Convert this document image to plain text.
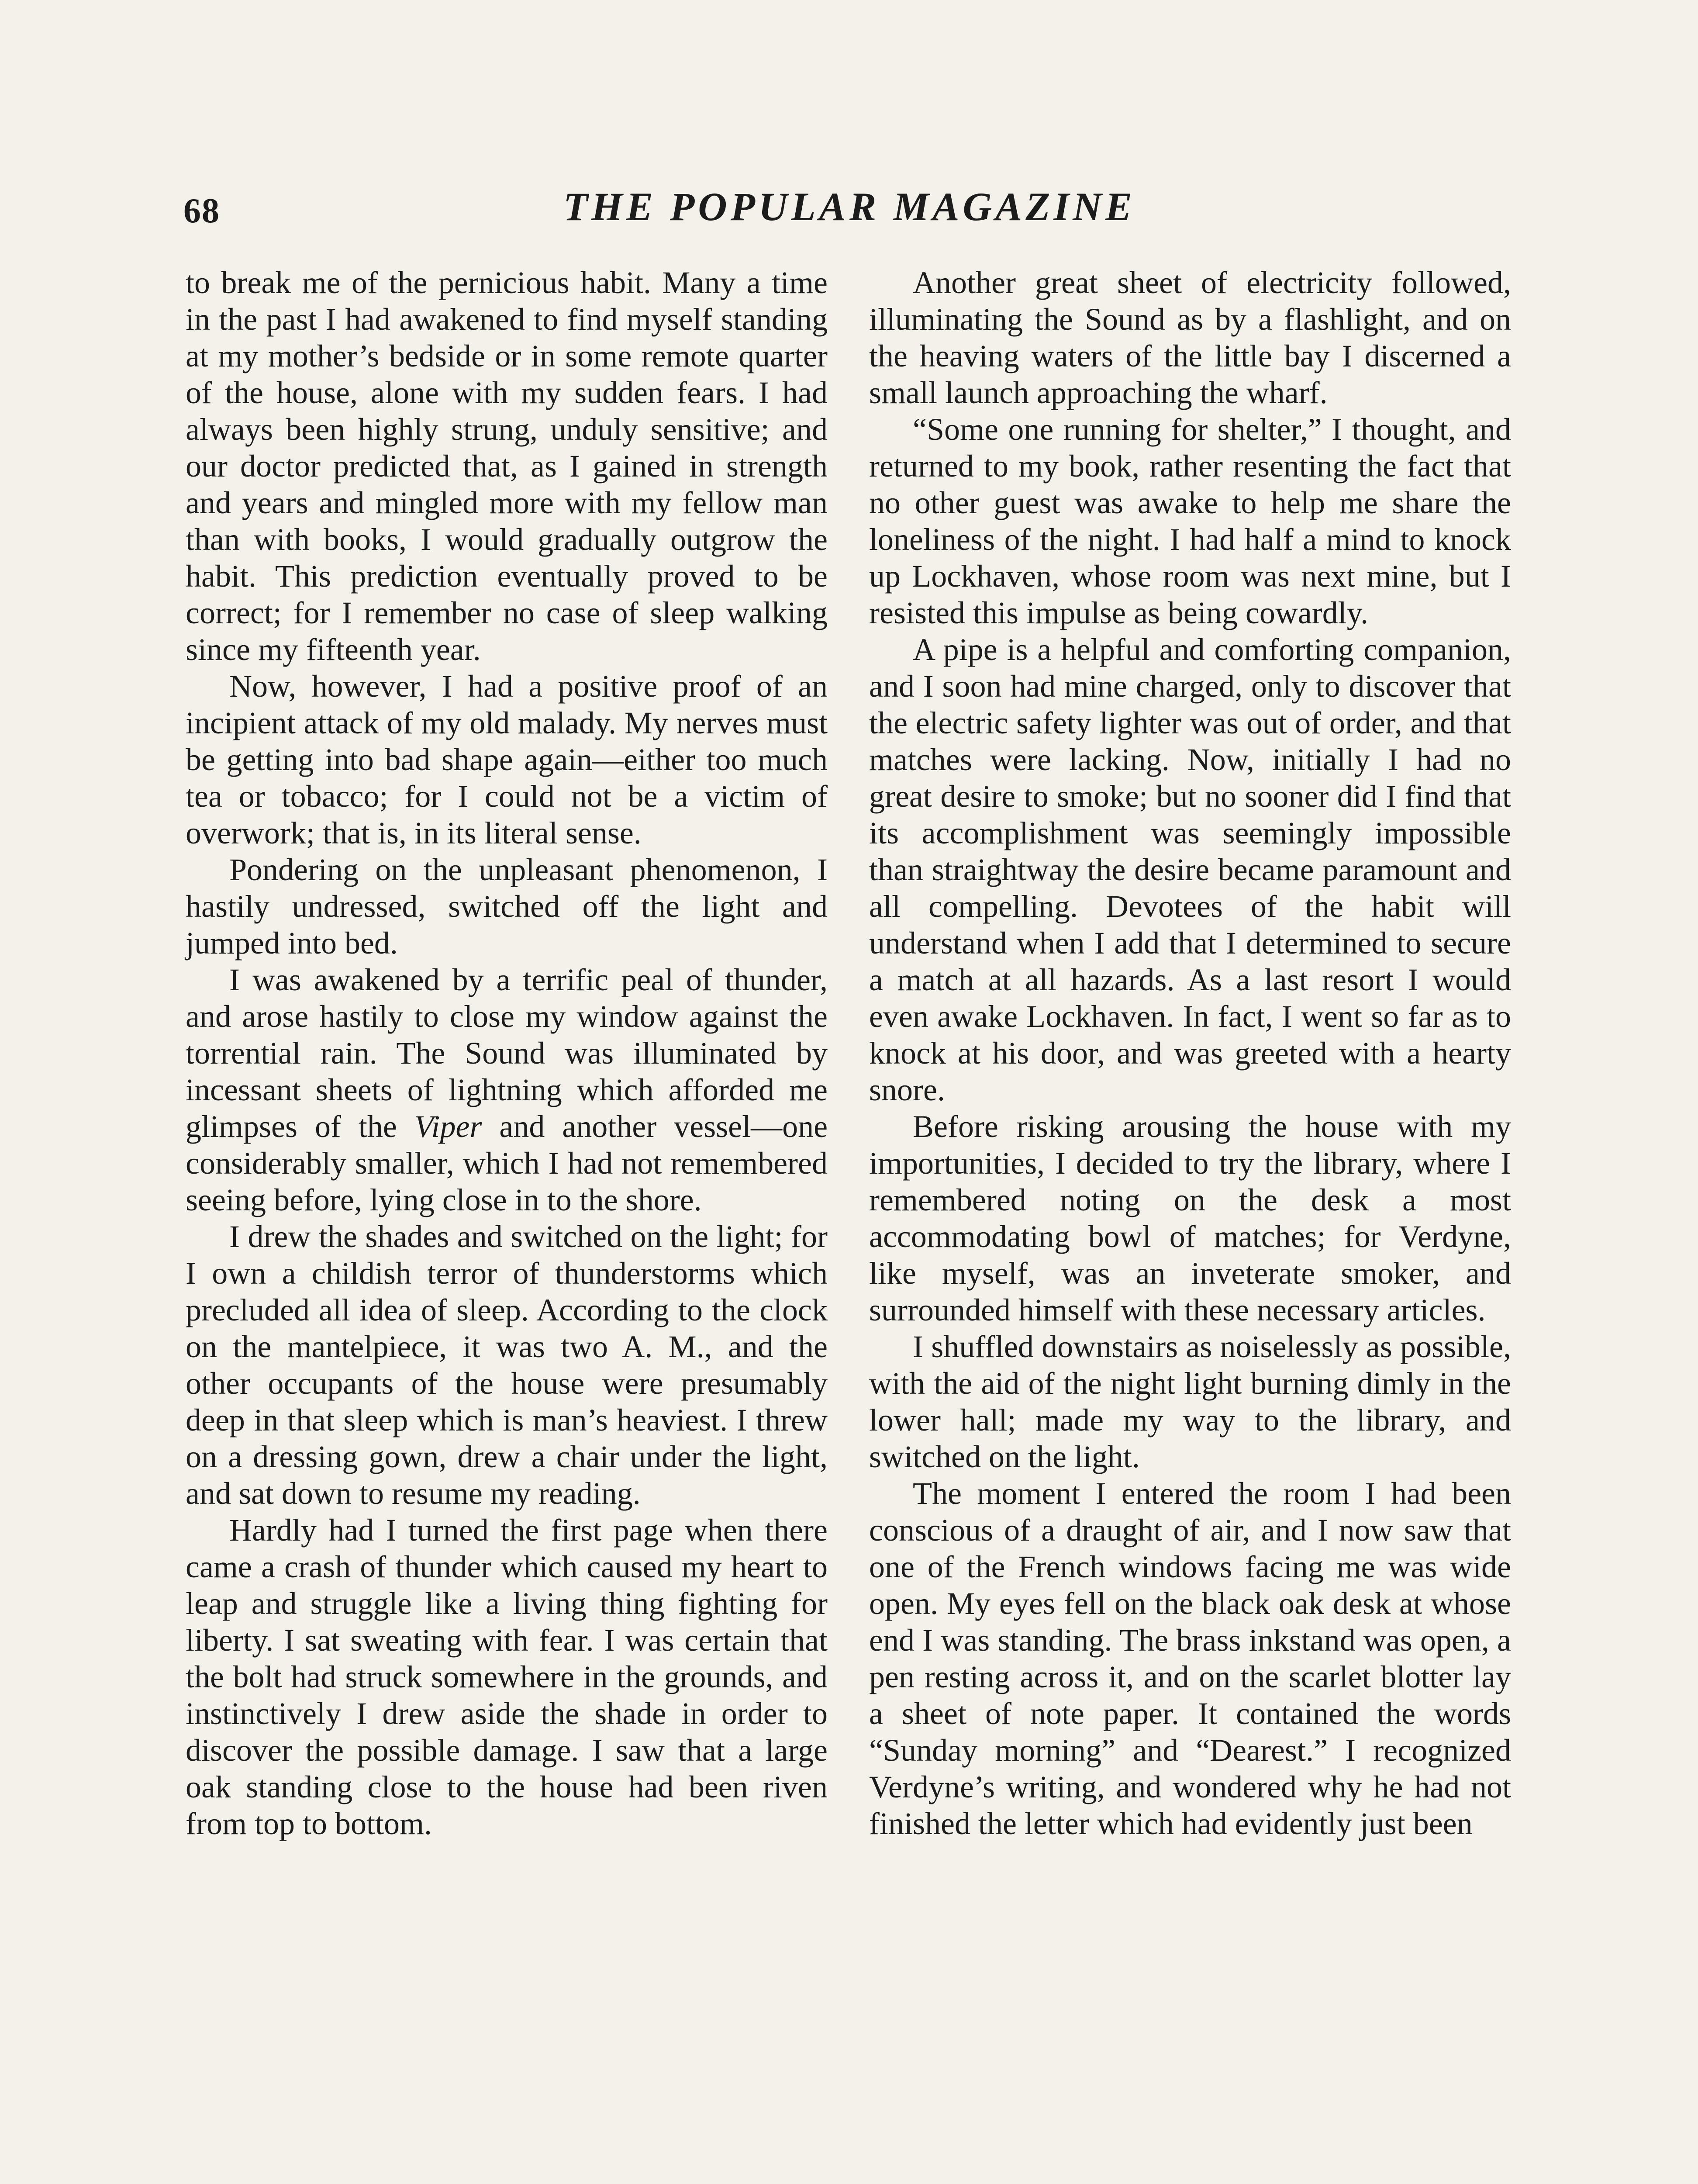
68	THE POPULAR MAGAZINE

to break me of the pernicious habit. Many a time in the past I had awakened to find myself standing at my mother’s bedside or in some remote quarter of the house, alone with my sudden fears. I had always been highly strung, unduly sensitive; and our doctor predicted that, as I gained in strength and years and mingled more with my fellow man than with books, I would gradually outgrow the habit. This prediction eventually proved to be correct; for I remember no case of sleep walking since my fifteenth year.

Now, however, I had a positive proof of an incipient attack of my old malady. My nerves must be getting into bad shape again—either too much tea or tobacco; for I could not be a victim of overwork; that is, in its literal sense.

Pondering on the unpleasant phenomenon, I hastily undressed, switched off the light and jumped into bed.

I was awakened by a terrific peal of thunder, and arose hastily to close my window against the torrential rain. The Sound was illuminated by incessant sheets of lightning which afforded me glimpses of the Viper and another vessel—one considerably smaller, which I had not remembered seeing before, lying close in to the shore.

I drew the shades and switched on the light; for I own a childish terror of thunderstorms which precluded all idea of sleep. According to the clock on the mantelpiece, it was two A. M., and the other occupants of the house were presumably deep in that sleep which is man’s heaviest. I threw on a dressing gown, drew a chair under the light, and sat down to resume my reading.

Hardly had I turned the first page when there came a crash of thunder which caused my heart to leap and struggle like a living thing fighting for liberty. I sat sweating with fear. I was certain that the bolt had struck somewhere in the grounds, and instinctively I drew aside the shade in order to discover the possible damage. I saw that a large oak standing close to the house had been riven from top to bottom.

Another great sheet of electricity followed, illuminating the Sound as by a flashlight, and on the heaving waters of the little bay I discerned a small launch approaching the wharf.

“Some one running for shelter,” I thought, and returned to my book, rather resenting the fact that no other guest was awake to help me share the loneliness of the night. I had half a mind to knock up Lockhaven, whose room was next mine, but I resisted this impulse as being cowardly.

A pipe is a helpful and comforting companion, and I soon had mine charged, only to discover that the electric safety lighter was out of order, and that matches were lacking. Now, initially I had no great desire to smoke; but no sooner did I find that its accomplishment was seemingly impossible than straightway the desire became paramount and all compelling. Devotees of the habit will understand when I add that I determined to secure a match at all hazards. As a last resort I would even awake Lockhaven. In fact, I went so far as to knock at his door, and was greeted with a hearty snore.

Before risking arousing the house with my importunities, I decided to try the library, where I remembered noting on the desk a most accommodating bowl of matches; for Verdyne, like myself, was an inveterate smoker, and surrounded himself with these necessary articles.

I shuffled downstairs as noiselessly as possible, with the aid of the night light burning dimly in the lower hall; made my way to the library, and switched on the light.

The moment I entered the room I had been conscious of a draught of air, and I now saw that one of the French windows facing me was wide open. My eyes fell on the black oak desk at whose end I was standing. The brass inkstand was open, a pen resting across it, and on the scarlet blotter lay a sheet of note paper. It contained the words “Sunday morning” and “Dearest.” I recognized Verdyne’s writing, and wondered why he had not finished the letter which had evidently just been
